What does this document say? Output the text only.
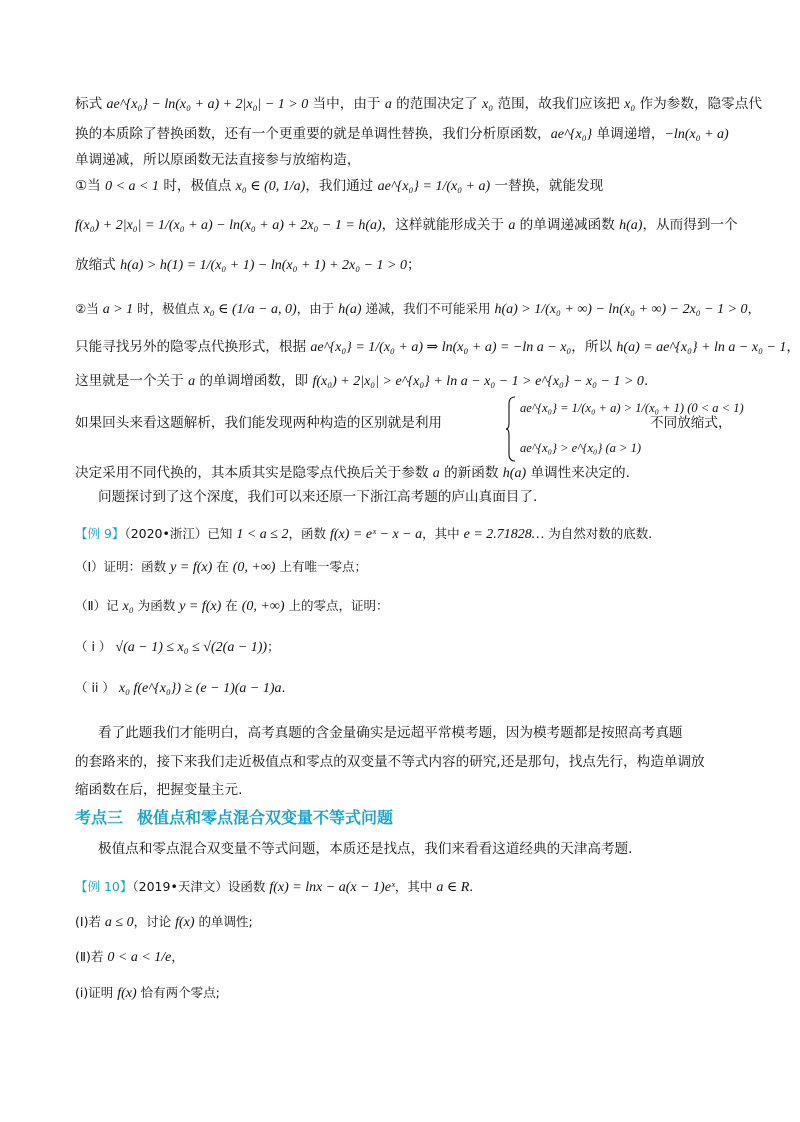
标式 ae^{x₀} − ln(x₀ + a) + 2|x₀| − 1 > 0 当中，由于 a 的范围决定了 x₀ 范围，故我们应该把 x₀ 作为参数，隐零点代
换的本质除了替换函数，还有一个更重要的就是单调性替换，我们分析原函数，ae^{x₀} 单调递增，−ln(x₀ + a)
单调递减，所以原函数无法直接参与放缩构造，
①当 0 < a < 1 时，极值点 x₀ ∈ (0, 1/a)，我们通过 ae^{x₀} = 1/(x₀ + a) 一替换，就能发现
f(x₀) + 2|x₀| = 1/(x₀ + a) − ln(x₀ + a) + 2x₀ − 1 = h(a)，这样就能形成关于 a 的单调递减函数 h(a)，从而得到一个
放缩式 h(a) > h(1) = 1/(x₀ + 1) − ln(x₀ + 1) + 2x₀ − 1 > 0；
②当 a > 1 时，极值点 x₀ ∈ (1/a − a, 0)，由于 h(a) 递减，我们不可能采用 h(a) > 1/(x₀ + ∞) − ln(x₀ + ∞) − 2x₀ − 1 > 0，
只能寻找另外的隐零点代换形式，根据 ae^{x₀} = 1/(x₀ + a) ⇒ ln(x₀ + a) = −ln a − x₀，所以 h(a) = ae^{x₀} + ln a − x₀ − 1，
这里就是一个关于 a 的单调增函数，即 f(x₀) + 2|x₀| > e^{x₀} + ln a − x₀ − 1 > e^{x₀} − x₀ − 1 > 0.
如果回头来看这题解析，我们能发现两种构造的区别就是利用
ae^{x₀} = 1/(x₀ + a) > 1/(x₀ + 1) (0 < a < 1)
ae^{x₀} > e^{x₀} (a > 1)
不同放缩式，
决定采用不同代换的，其本质其实是隐零点代换后关于参数 a 的新函数 h(a) 单调性来决定的.
问题探讨到了这个深度，我们可以来还原一下浙江高考题的庐山真面目了.
【例 9】（2020•浙江）已知 1 < a ≤ 2，函数 f(x) = eˣ − x − a，其中 e = 2.71828… 为自然对数的底数.
（Ⅰ）证明：函数 y = f(x) 在 (0, +∞) 上有唯一零点；
（Ⅱ）记 x₀ 为函数 y = f(x) 在 (0, +∞) 上的零点，证明：
（ i ） √(a − 1) ≤ x₀ ≤ √(2(a − 1))；
（ ii ） x₀ f(e^{x₀}) ≥ (e − 1)(a − 1)a.
看了此题我们才能明白，高考真题的含金量确实是远超平常模考题，因为模考题都是按照高考真题
的套路来的，接下来我们走近极值点和零点的双变量不等式内容的研究,还是那句，找点先行，构造单调放
缩函数在后，把握变量主元.
考点三 极值点和零点混合双变量不等式问题
极值点和零点混合双变量不等式问题，本质还是找点，我们来看看这道经典的天津高考题.
【例 10】（2019•天津文）设函数 f(x) = lnx − a(x − 1)eˣ，其中 a ∈ R.
(Ⅰ)若 a ≤ 0，讨论 f(x) 的单调性;
(Ⅱ)若 0 < a < 1/e，
(i)证明 f(x) 恰有两个零点;
